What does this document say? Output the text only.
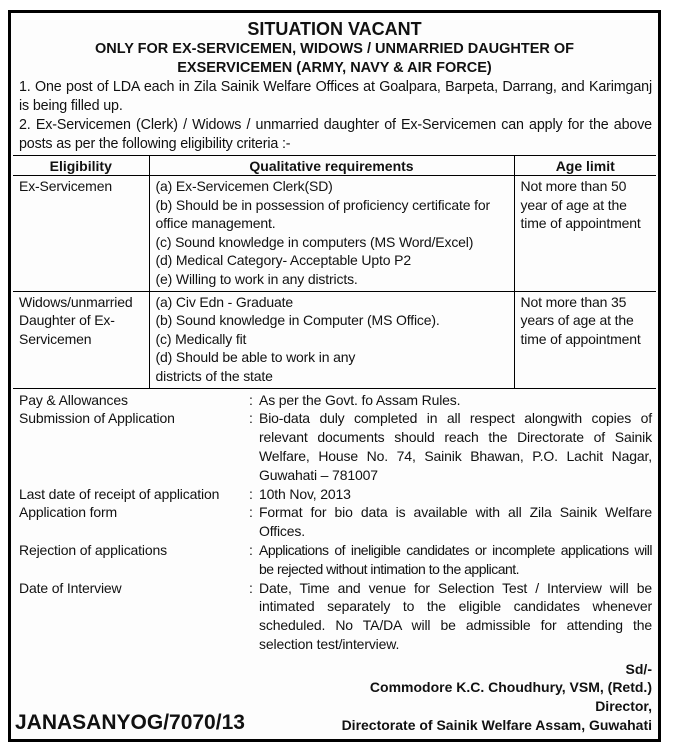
SITUATION VACANT
ONLY FOR EX-SERVICEMEN, WIDOWS / UNMARRIED DAUGHTER OF
EXSERVICEMEN (ARMY, NAVY & AIR FORCE)
1. One post of LDA each in Zila Sainik Welfare Offices at Goalpara, Barpeta, Darrang, and Karimganj is being filled up.
2. Ex-Servicemen (Clerk) / Widows / unmarried daughter of Ex-Servicemen can apply for the above posts as per the following eligibility criteria :-
Eligibility	Qualitative requirements	Age limit
Ex-Servicemen	(a) Ex-Servicemen Clerk(SD)
(b) Should be in possession of proficiency certificate for office management.
(c) Sound knowledge in computers (MS Word/Excel)
(d) Medical Category- Acceptable Upto P2
(e) Willing to work in any districts.	Not more than 50 year of age at the time of appointment
Widows/unmarried Daughter of Ex-Servicemen	(a) Civ Edn - Graduate
(b) Sound knowledge in Computer (MS Office).
(c) Medically fit
(d) Should be able to work in any districts of the state	Not more than 35 years of age at the time of appointment
Pay & Allowances	: As per the Govt. fo Assam Rules.
Submission of Application	: Bio-data duly completed in all respect alongwith copies of relevant documents should reach the Directorate of Sainik Welfare, House No. 74, Sainik Bhawan, P.O. Lachit Nagar, Guwahati – 781007
Last date of receipt of application	: 10th Nov, 2013
Application form	: Format for bio data is available with all Zila Sainik Welfare Offices.
Rejection of applications	: Applications of ineligible candidates or incomplete applications will be rejected without intimation to the applicant.
Date of Interview	: Date, Time and venue for Selection Test / Interview will be intimated separately to the eligible candidates whenever scheduled. No TA/DA will be admissible for attending the selection test/interview.
JANASANYOG/7070/13
Sd/-
Commodore K.C. Choudhury, VSM, (Retd.)
Director,
Directorate of Sainik Welfare Assam, Guwahati
